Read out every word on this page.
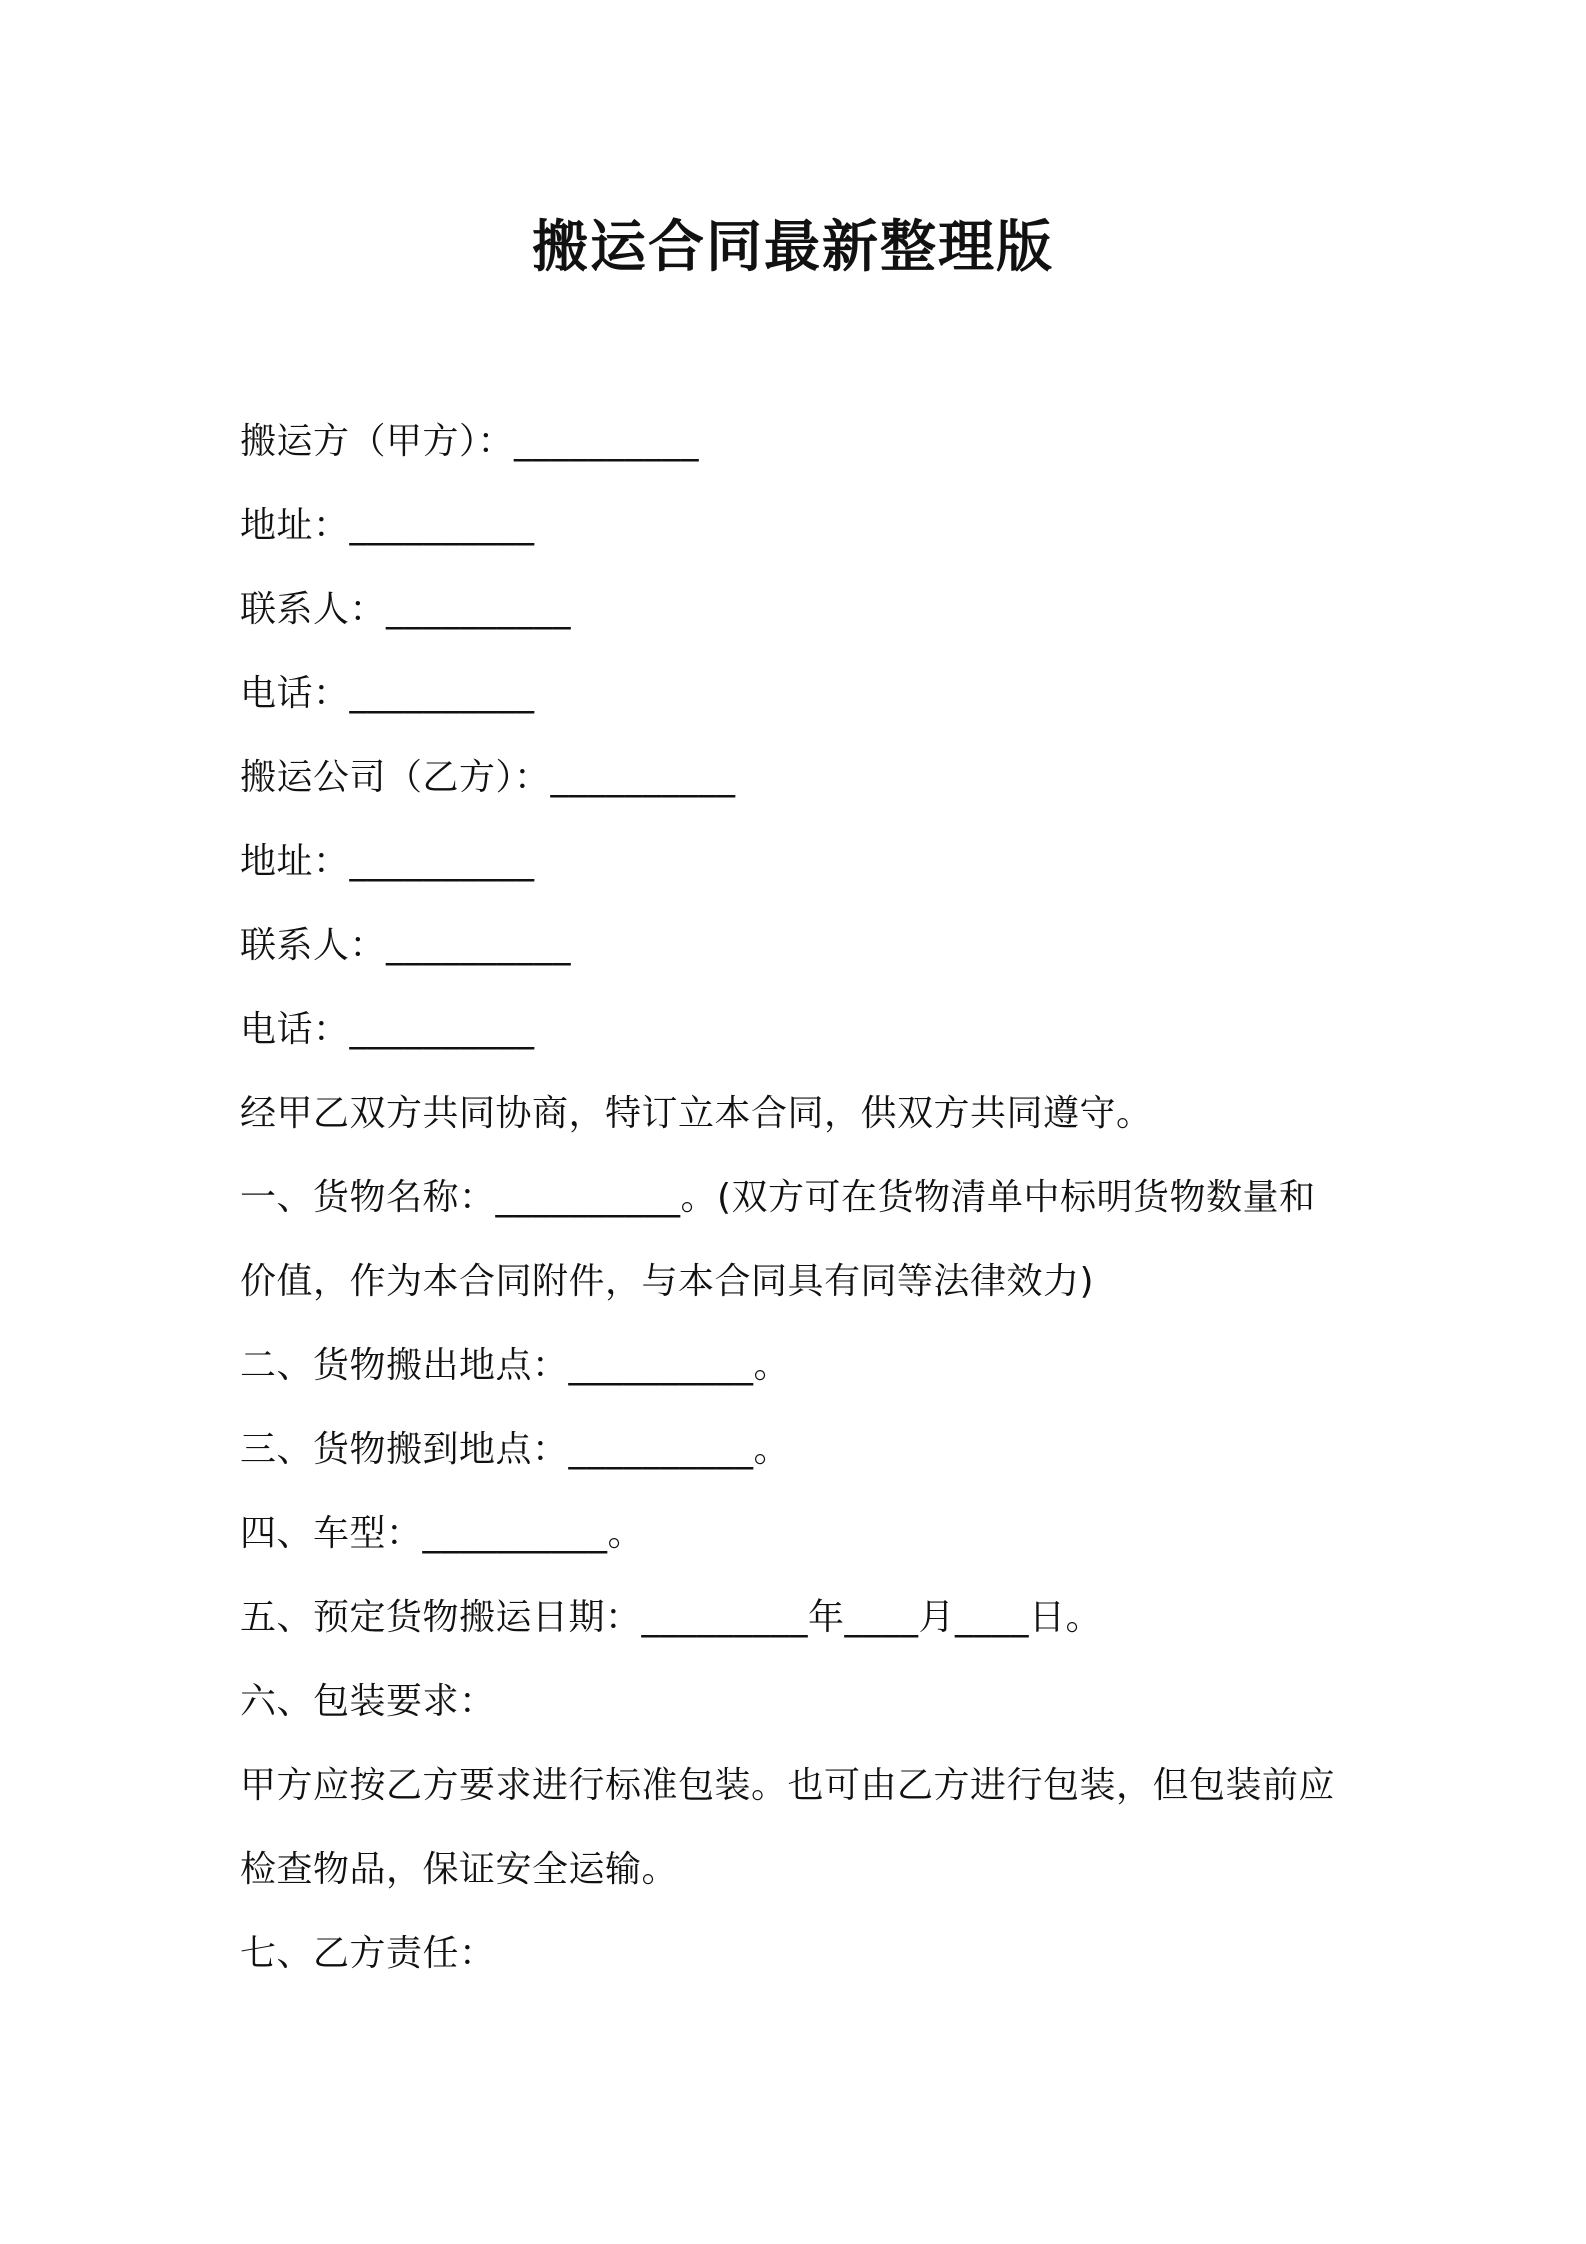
搬运合同最新整理版
搬运方（甲方）：__________
地址：__________
联系人：__________
电话：__________
搬运公司（乙方）：__________
地址：__________
联系人：__________
电话：__________
经甲乙双方共同协商，特订立本合同，供双方共同遵守。
一、货物名称：__________。(双方可在货物清单中标明货物数量和
价值，作为本合同附件，与本合同具有同等法律效力)
二、货物搬出地点：__________。
三、货物搬到地点：__________。
四、车型：__________。
五、预定货物搬运日期：_________年____月____日。
六、包装要求：
甲方应按乙方要求进行标准包装。也可由乙方进行包装，但包装前应
检查物品，保证安全运输。
七、乙方责任：
